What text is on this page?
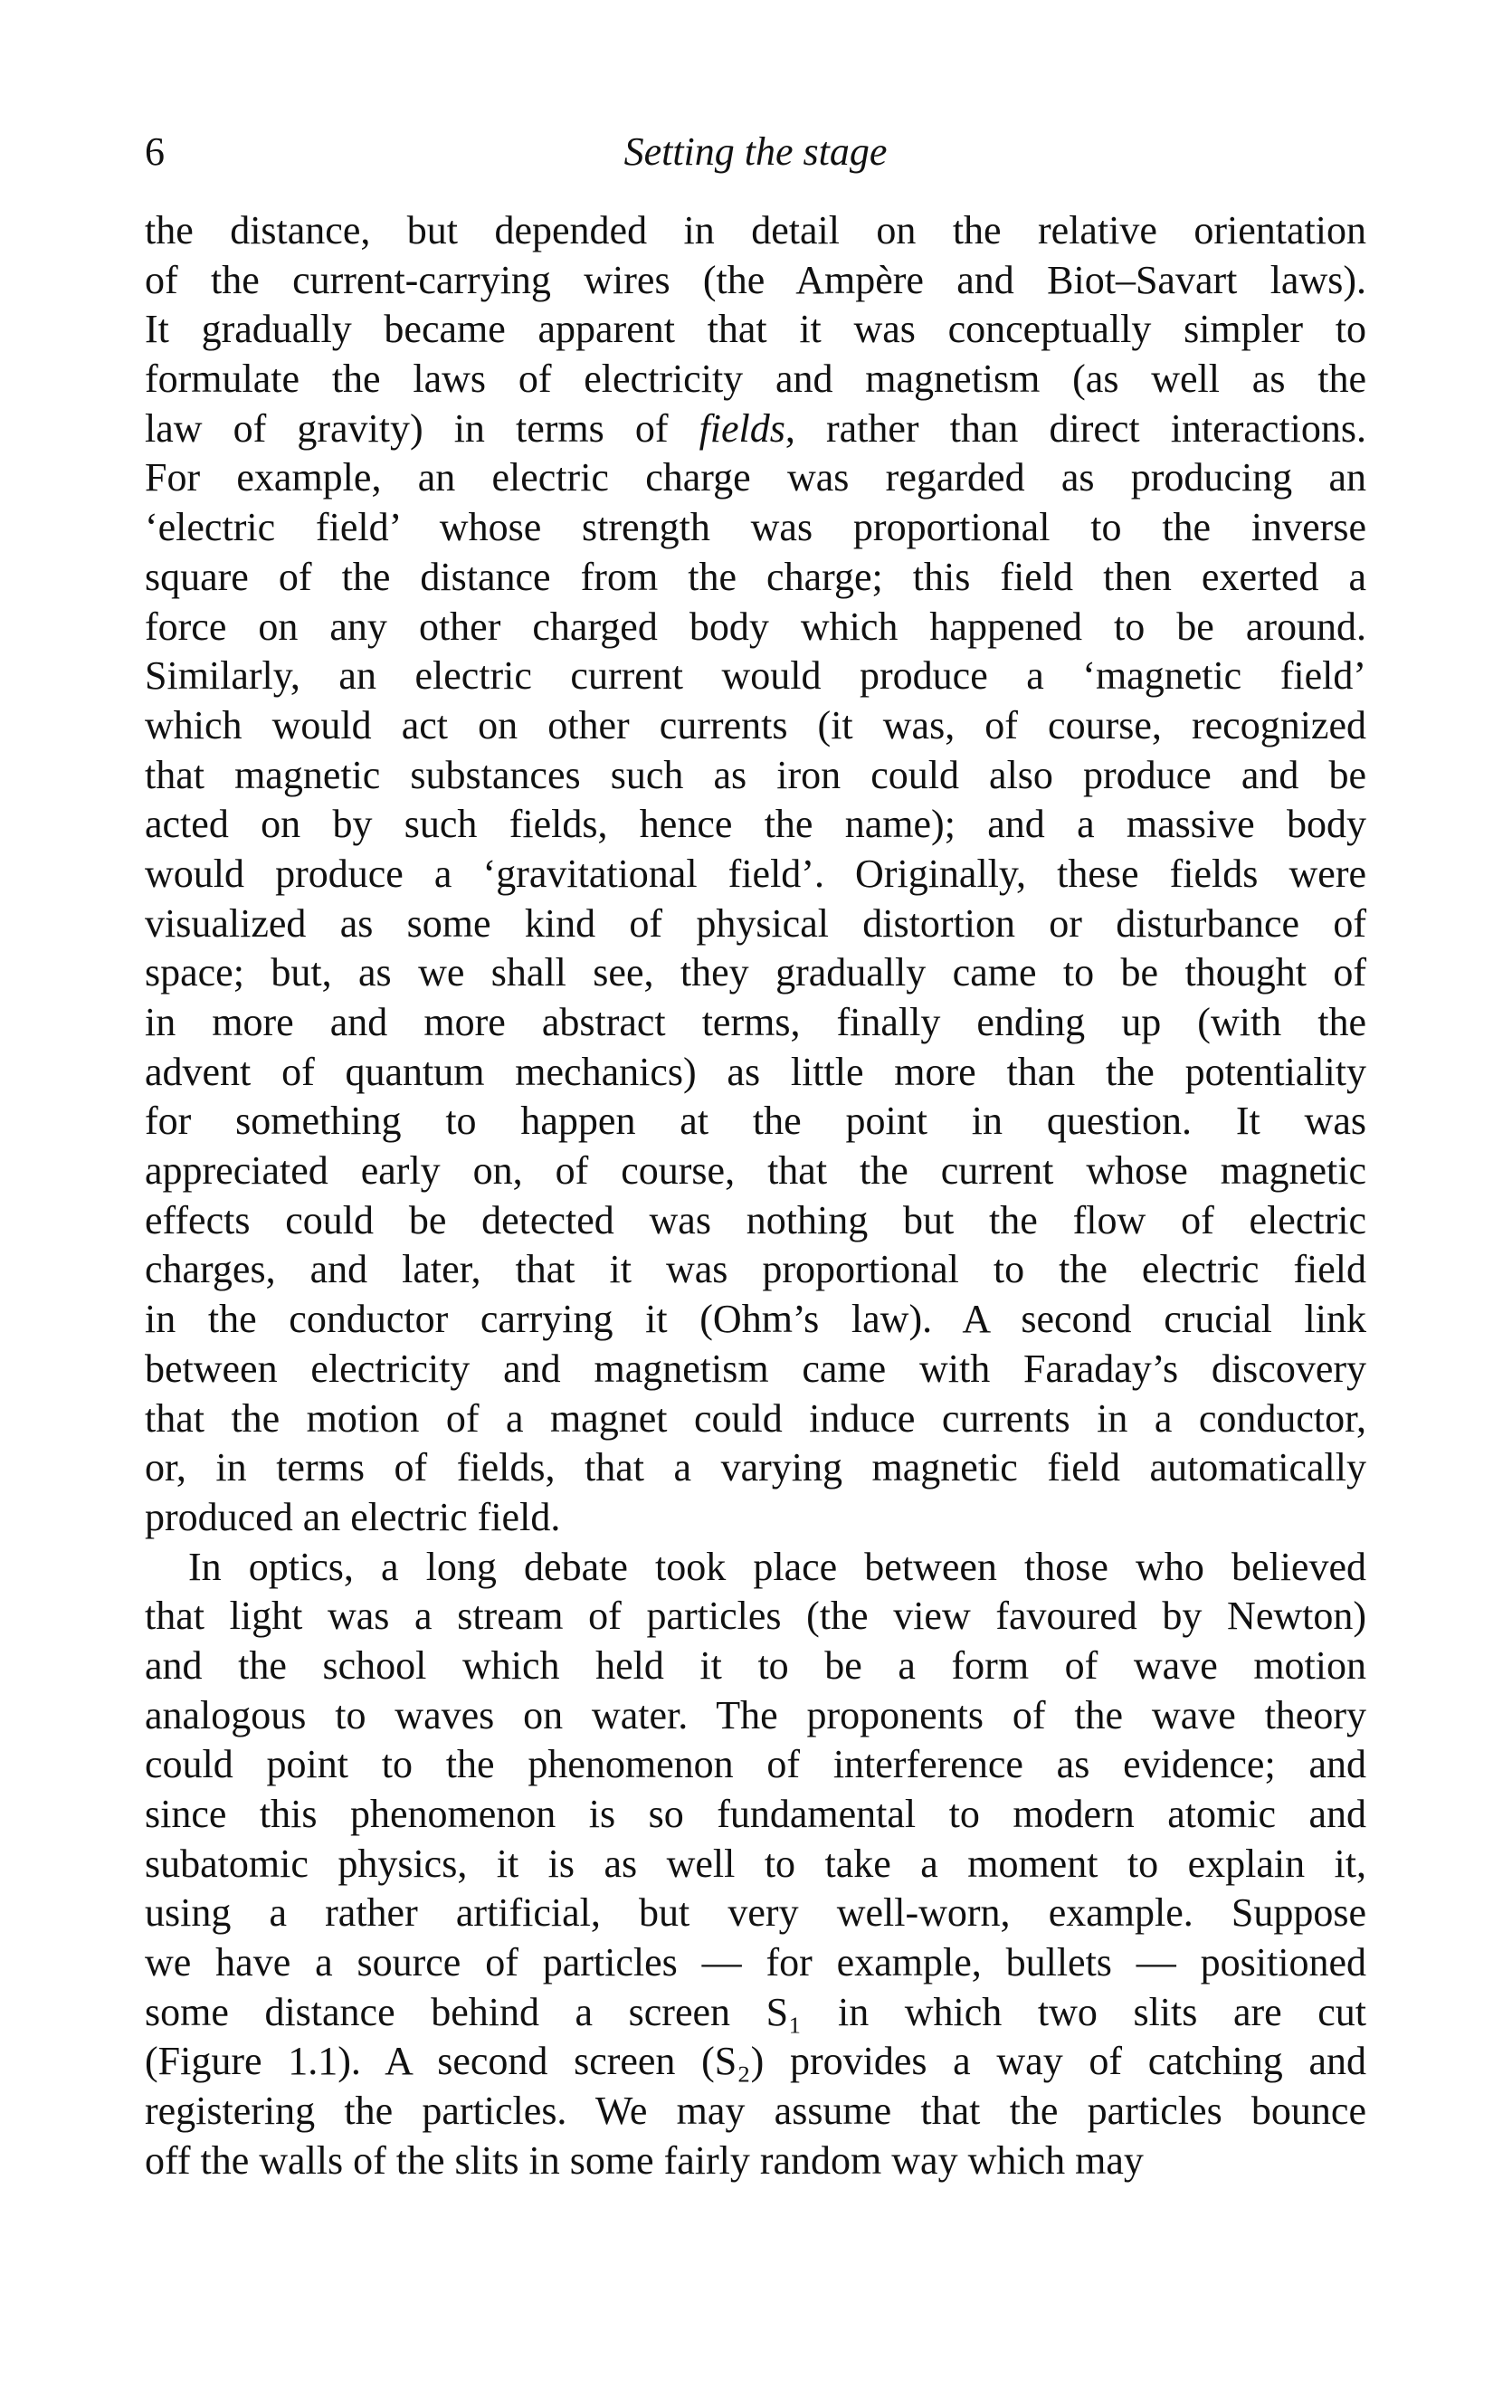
6	Setting the stage
the distance, but depended in detail on the relative orientation
of the current-carrying wires (the Ampère and Biot–Savart laws).
It gradually became apparent that it was conceptually simpler to
formulate the laws of electricity and magnetism (as well as the
law of gravity) in terms of fields, rather than direct interactions.
For example, an electric charge was regarded as producing an
‘electric field’ whose strength was proportional to the inverse
square of the distance from the charge; this field then exerted a
force on any other charged body which happened to be around.
Similarly, an electric current would produce a ‘magnetic field’
which would act on other currents (it was, of course, recognized
that magnetic substances such as iron could also produce and be
acted on by such fields, hence the name); and a massive body
would produce a ‘gravitational field’. Originally, these fields were
visualized as some kind of physical distortion or disturbance of
space; but, as we shall see, they gradually came to be thought of
in more and more abstract terms, finally ending up (with the
advent of quantum mechanics) as little more than the potentiality
for something to happen at the point in question. It was
appreciated early on, of course, that the current whose magnetic
effects could be detected was nothing but the flow of electric
charges, and later, that it was proportional to the electric field
in the conductor carrying it (Ohm’s law). A second crucial link
between electricity and magnetism came with Faraday’s discovery
that the motion of a magnet could induce currents in a conductor,
or, in terms of fields, that a varying magnetic field automatically
produced an electric field.
In optics, a long debate took place between those who believed
that light was a stream of particles (the view favoured by Newton)
and the school which held it to be a form of wave motion
analogous to waves on water. The proponents of the wave theory
could point to the phenomenon of interference as evidence; and
since this phenomenon is so fundamental to modern atomic and
subatomic physics, it is as well to take a moment to explain it,
using a rather artificial, but very well-worn, example. Suppose
we have a source of particles — for example, bullets — positioned
some distance behind a screen S₁ in which two slits are cut
(Figure 1.1). A second screen (S₂) provides a way of catching and
registering the particles. We may assume that the particles bounce
off the walls of the slits in some fairly random way which may
